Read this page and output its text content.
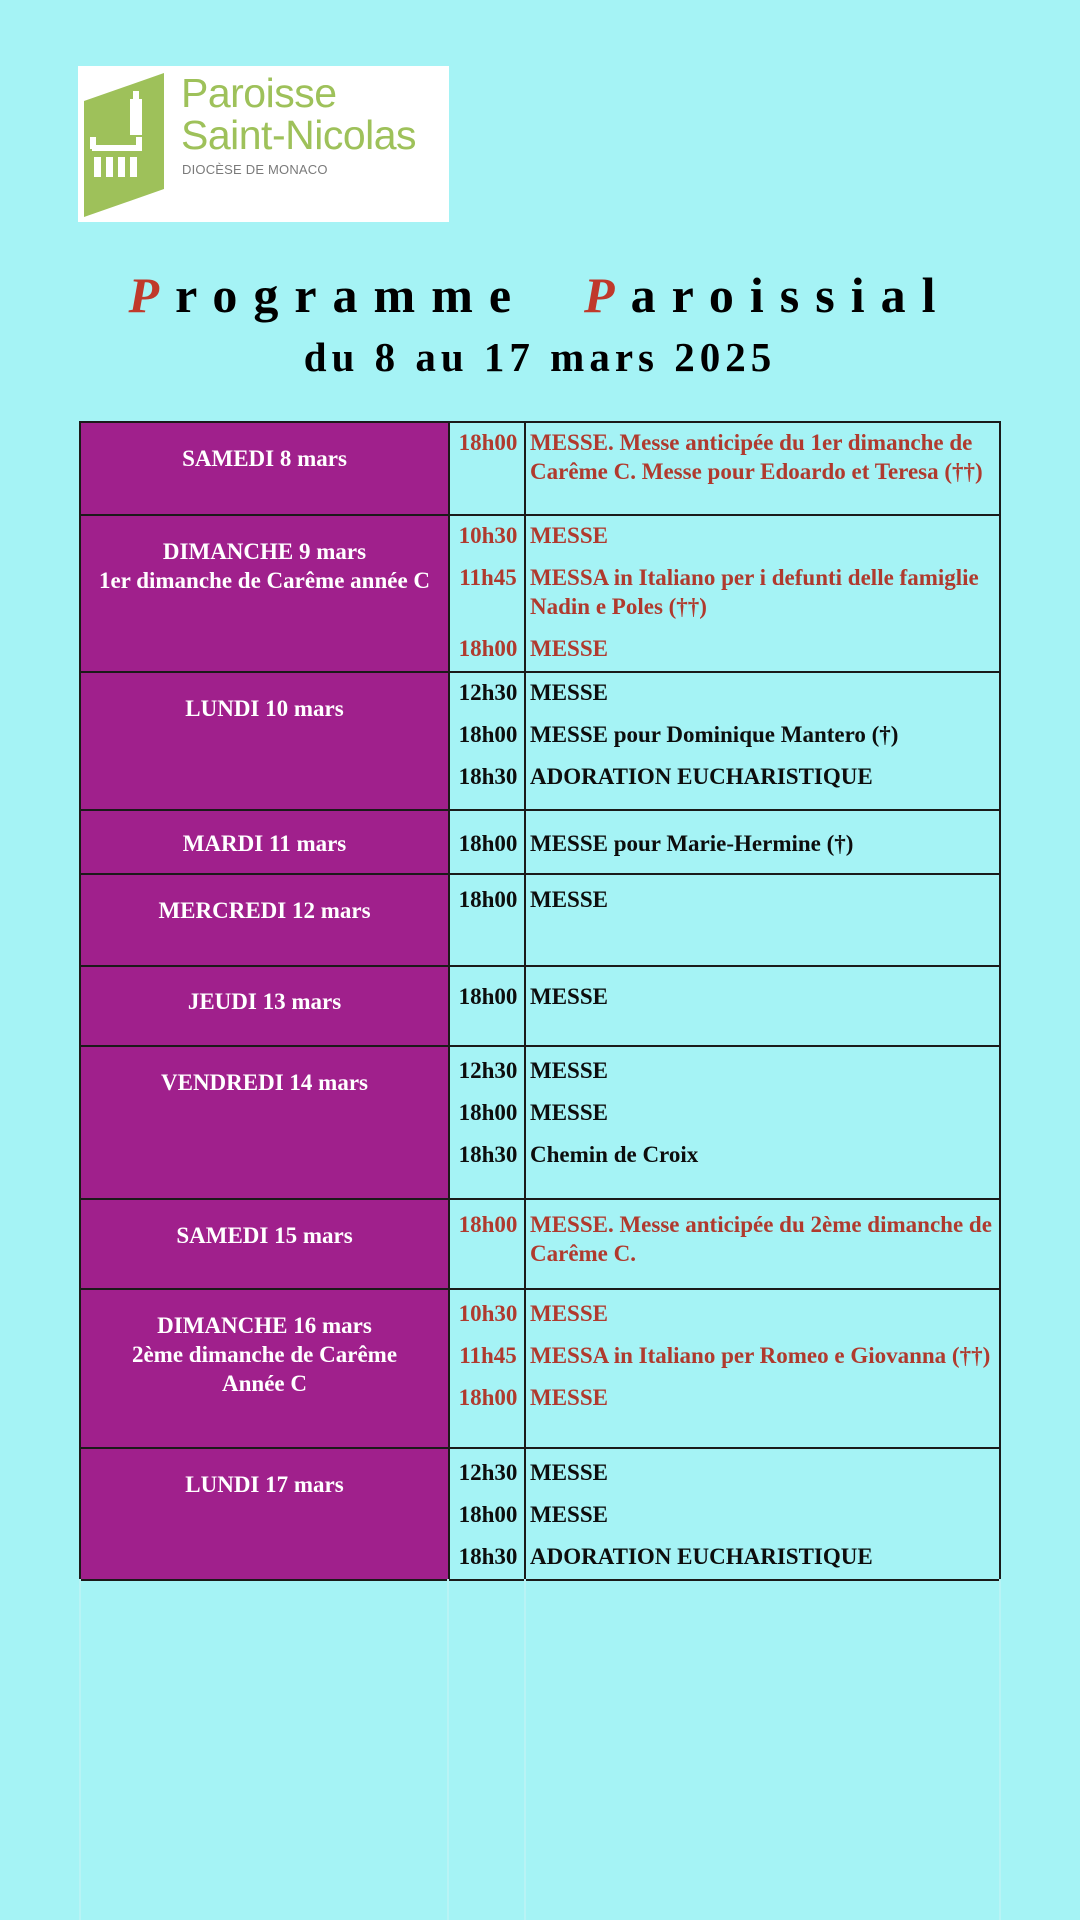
Paroisse
Saint-Nicolas
DIOCÈSE DE MONACO
Programme Paroissial
du 8 au 17 mars 2025
SAMEDI 8 mars
18h00 MESSE. Messe anticipée du 1er dimanche de Carême C. Messe pour Edoardo et Teresa (††)
DIMANCHE 9 mars
1er dimanche de Carême année C
10h30 MESSE
11h45 MESSA in Italiano per i defunti delle famiglie Nadin e Poles (††)
18h00 MESSE
LUNDI 10 mars
12h30 MESSE
18h00 MESSE pour Dominique Mantero (†)
18h30 ADORATION EUCHARISTIQUE
MARDI 11 mars	18h00 MESSE pour Marie-Hermine (†)
MERCREDI 12 mars	18h00 MESSE
JEUDI 13 mars	18h00 MESSE
VENDREDI 14 mars	12h30 MESSE
18h00 MESSE
18h30 Chemin de Croix
SAMEDI 15 mars	18h00 MESSE. Messe anticipée du 2ème dimanche de Carême C.
DIMANCHE 16 mars
2ème dimanche de Carême
Année C
10h30 MESSE
11h45 MESSA in Italiano per Romeo e Giovanna (††)
18h00 MESSE
LUNDI 17 mars	12h30 MESSE
18h00 MESSE
18h30 ADORATION EUCHARISTIQUE
